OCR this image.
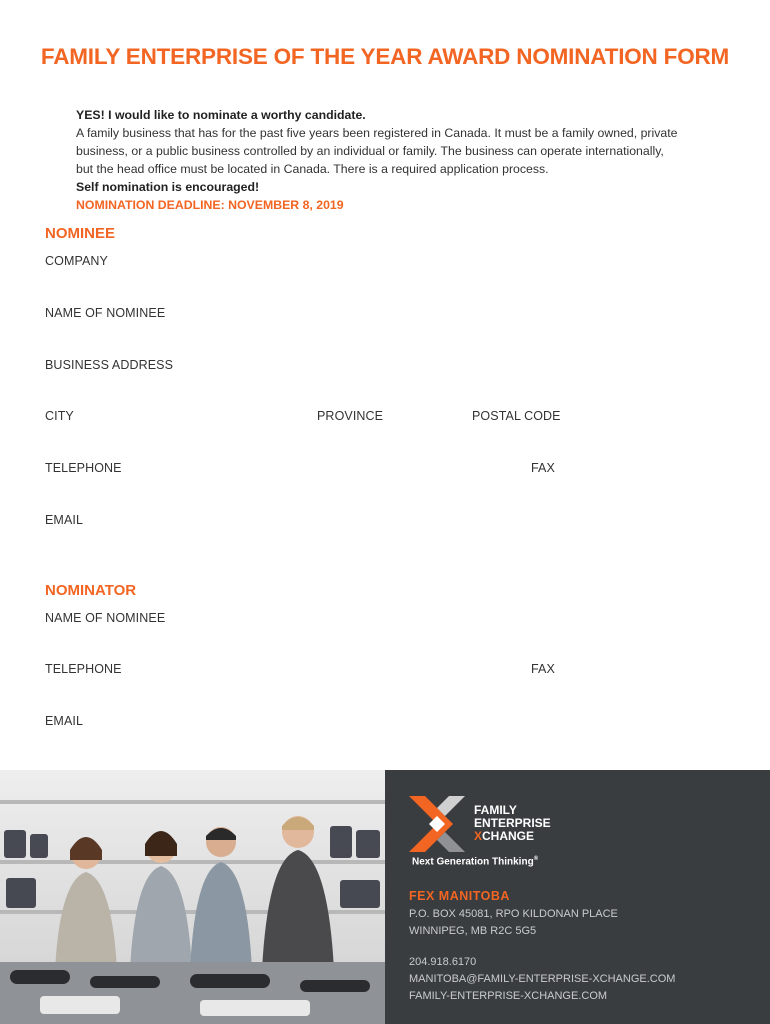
FAMILY ENTERPRISE OF THE YEAR AWARD NOMINATION FORM
YES! I would like to nominate a worthy candidate.
A family business that has for the past five years been registered in Canada. It must be a family owned, private
business, or a public business controlled by an individual or family. The business can operate internationally,
but the head office must be located in Canada. There is a required application process.
Self nomination is encouraged!
NOMINATION DEADLINE: NOVEMBER 8, 2019
NOMINEE
COMPANY
NAME OF NOMINEE
BUSINESS ADDRESS
CITY	PROVINCE	POSTAL CODE
TELEPHONE	FAX
EMAIL
NOMINATOR
NAME OF NOMINEE
TELEPHONE	FAX
EMAIL
FAMILY
ENTERPRISE
XCHANGE
Next Generation Thinking®
FEX MANITOBA
P.O. BOX 45081, RPO KILDONAN PLACE
WINNIPEG, MB R2C 5G5
204.918.6170
MANITOBA@FAMILY-ENTERPRISE-XCHANGE.COM
FAMILY-ENTERPRISE-XCHANGE.COM
